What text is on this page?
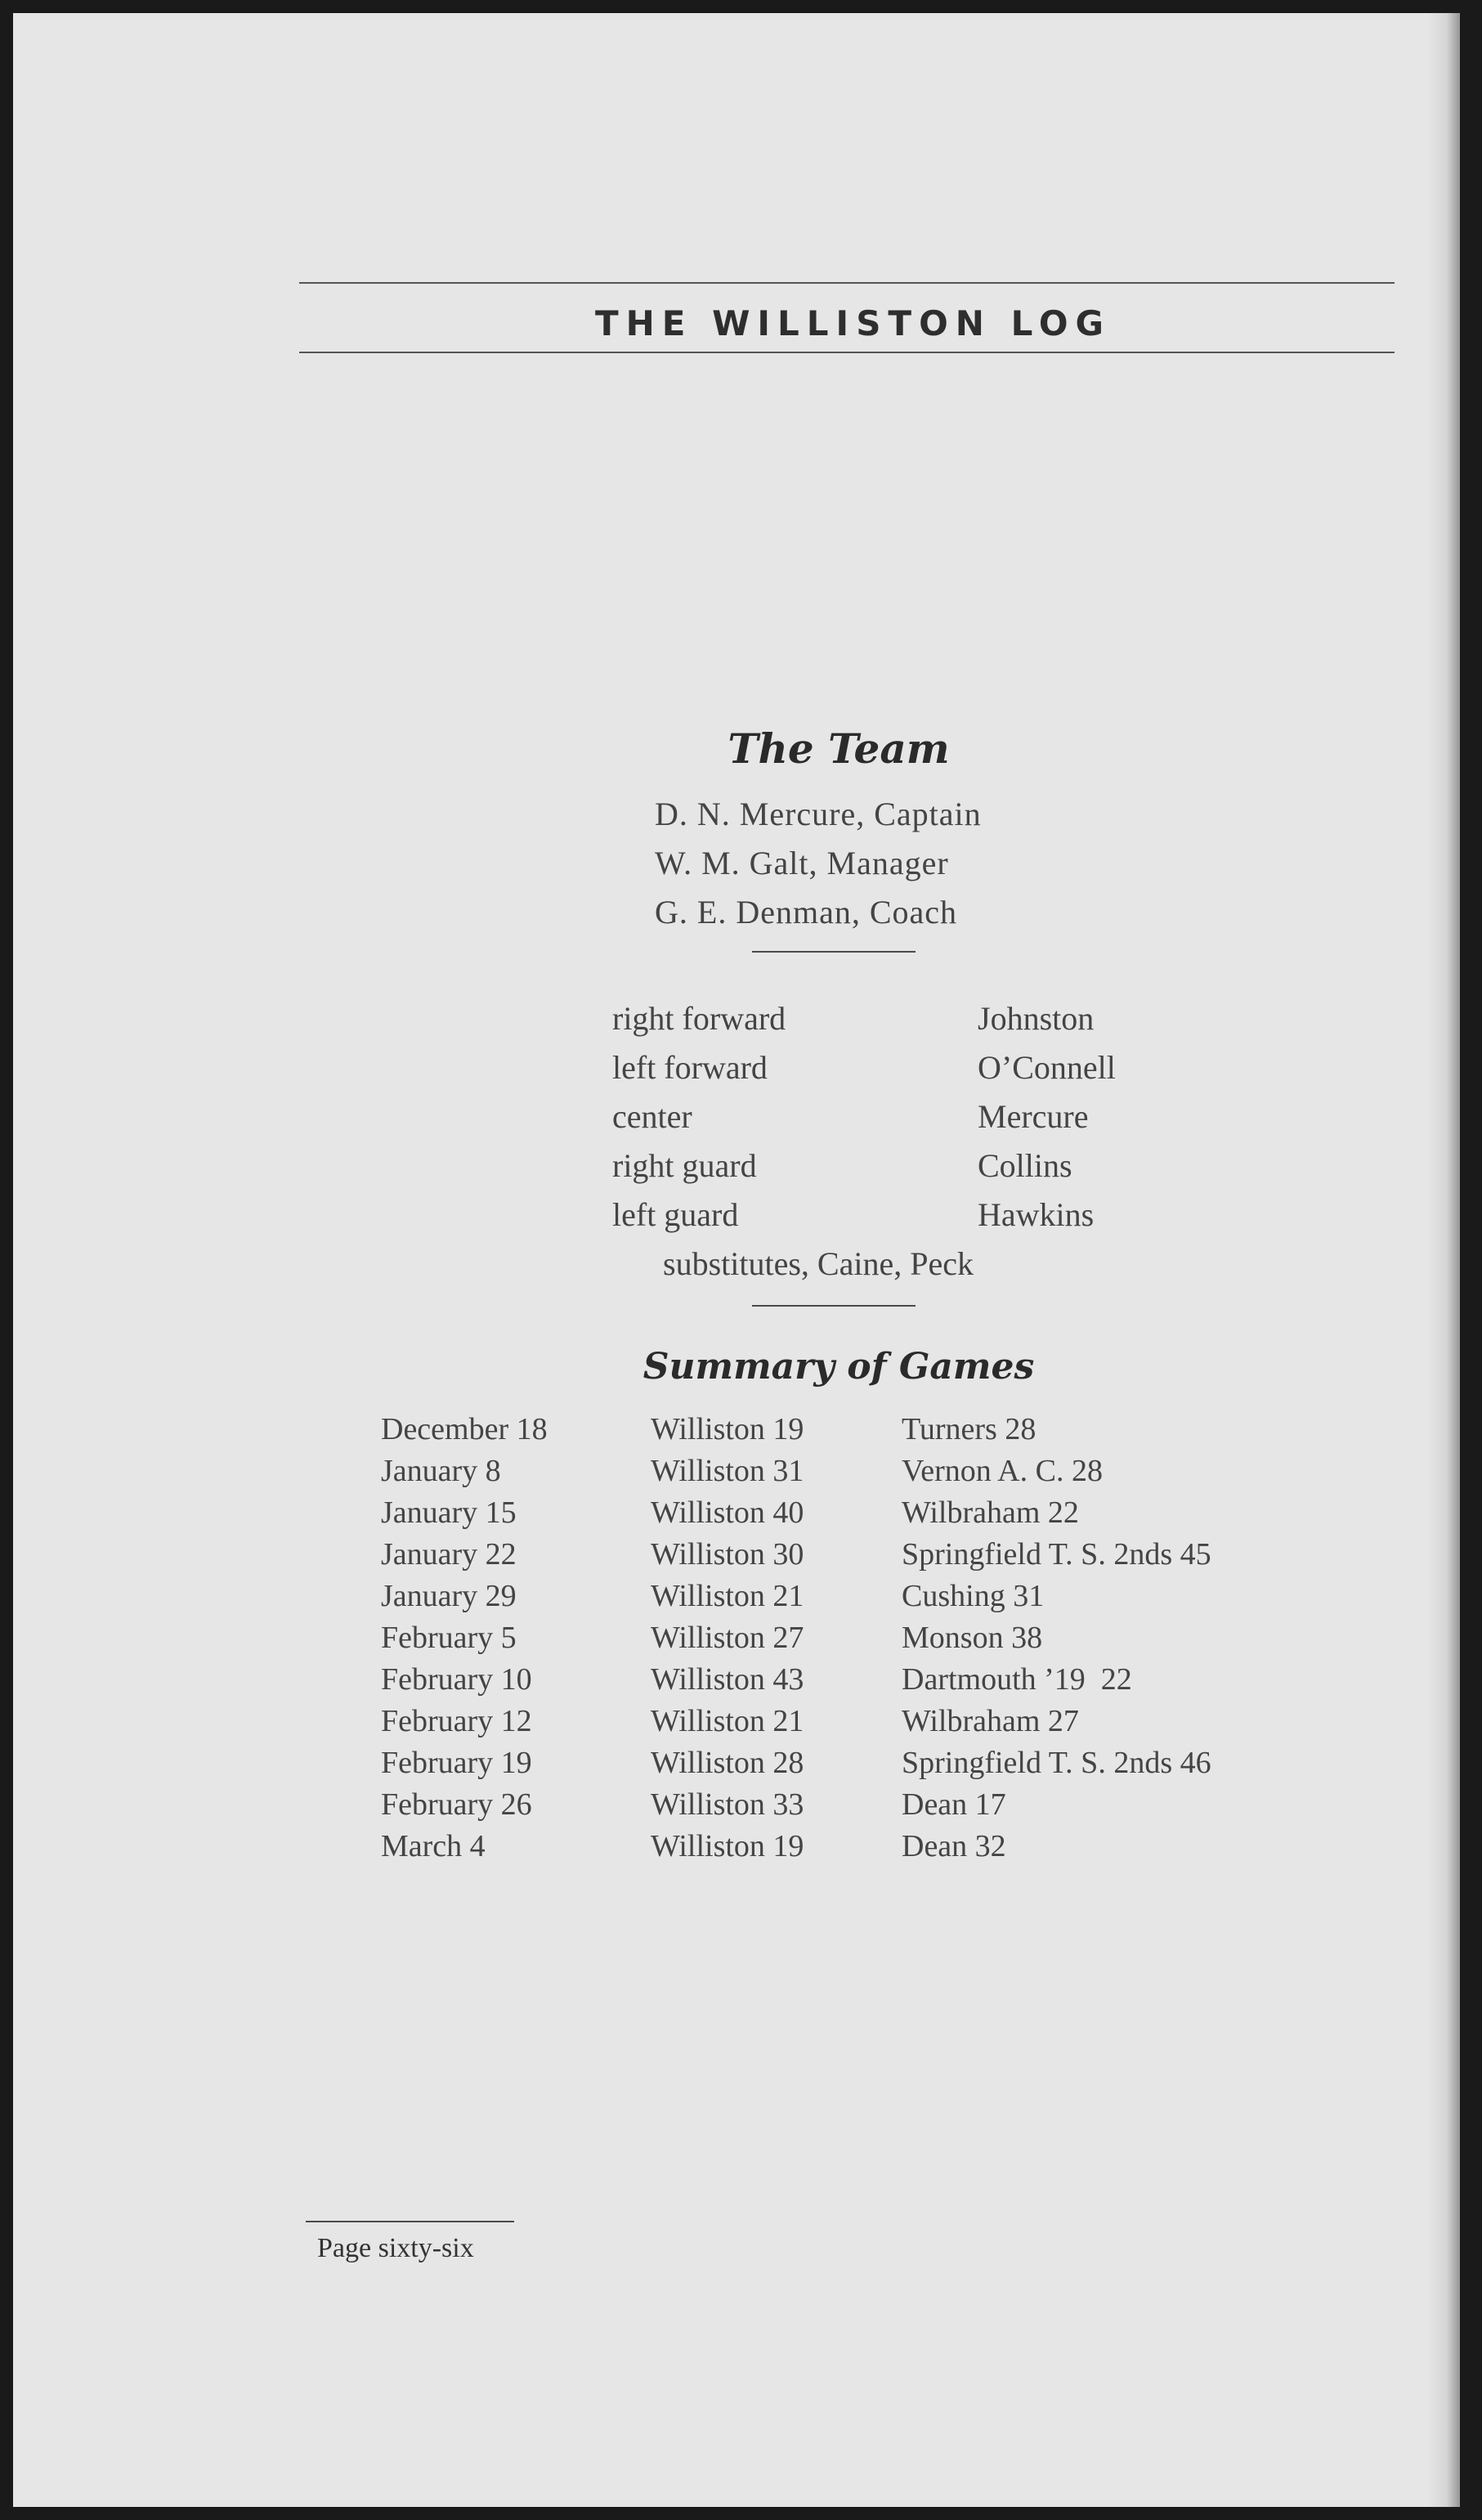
THE WILLISTON LOG
The Team
D. N. Mercure, Captain
W. M. Galt, Manager
G. E. Denman, Coach
right forward	Johnston
left forward	O’Connell
center	Mercure
right guard	Collins
left guard	Hawkins
substitutes, Caine, Peck
Summary of Games
December 18	Williston 19	Turners 28
January 8	Williston 31	Vernon A. C. 28
January 15	Williston 40	Wilbraham 22
January 22	Williston 30	Springfield T. S. 2nds 45
January 29	Williston 21	Cushing 31
February 5	Williston 27	Monson 38
February 10	Williston 43	Dartmouth ’19  22
February 12	Williston 21	Wilbraham 27
February 19	Williston 28	Springfield T. S. 2nds 46
February 26	Williston 33	Dean 17
March 4	Williston 19	Dean 32
Page sixty-six
